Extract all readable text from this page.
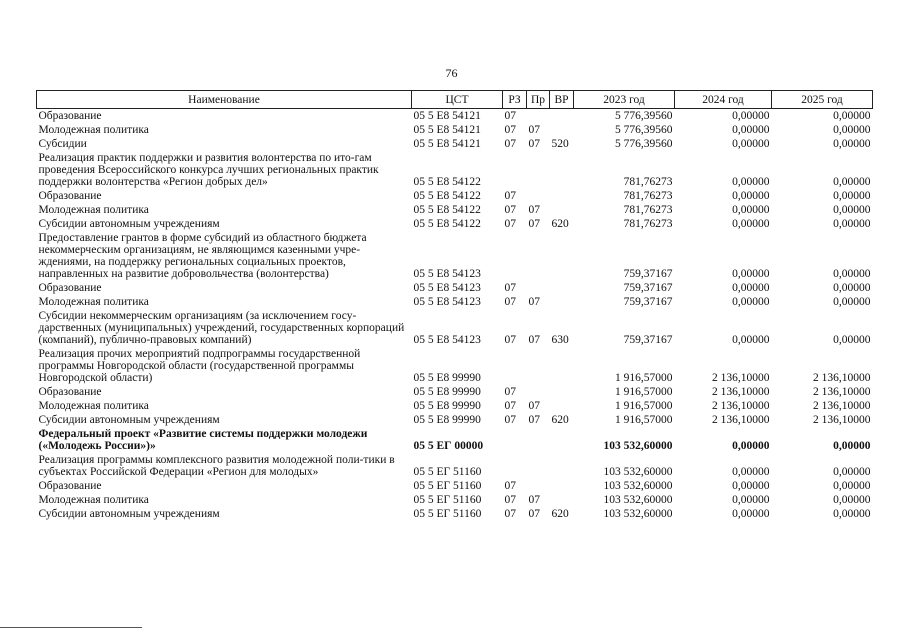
76
Наименование	ЦСТ	РЗ	Пр	ВР	2023 год	2024 год	2025 год
Образование	05 5 Е8 54121	07			5 776,39560	0,00000	0,00000
Молодежная политика	05 5 Е8 54121	07	07		5 776,39560	0,00000	0,00000
Субсидии	05 5 Е8 54121	07	07	520	5 776,39560	0,00000	0,00000
Реализация практик поддержки и развития волонтерства по ито-гам проведения Всероссийского конкурса лучших региональных практик поддержки волонтерства «Регион добрых дел»	05 5 Е8 54122				781,76273	0,00000	0,00000
Образование	05 5 Е8 54122	07			781,76273	0,00000	0,00000
Молодежная политика	05 5 Е8 54122	07	07		781,76273	0,00000	0,00000
Субсидии автономным учреждениям	05 5 Е8 54122	07	07	620	781,76273	0,00000	0,00000
Предоставление грантов в форме субсидий из областного бюджета некоммерческим организациям, не являющимся казенными учре-ждениями, на поддержку региональных социальных проектов, направленных на развитие добровольчества (волонтерства)	05 5 Е8 54123				759,37167	0,00000	0,00000
Образование	05 5 Е8 54123	07			759,37167	0,00000	0,00000
Молодежная политика	05 5 Е8 54123	07	07		759,37167	0,00000	0,00000
Субсидии некоммерческим организациям (за исключением госу-дарственных (муниципальных) учреждений, государственных корпораций (компаний), публично-правовых компаний)	05 5 Е8 54123	07	07	630	759,37167	0,00000	0,00000
Реализация прочих мероприятий подпрограммы государственной программы Новгородской области (государственной программы Новгородской области)	05 5 Е8 99990				1 916,57000	2 136,10000	2 136,10000
Образование	05 5 Е8 99990	07			1 916,57000	2 136,10000	2 136,10000
Молодежная политика	05 5 Е8 99990	07	07		1 916,57000	2 136,10000	2 136,10000
Субсидии автономным учреждениям	05 5 Е8 99990	07	07	620	1 916,57000	2 136,10000	2 136,10000
Федеральный проект «Развитие системы поддержки молодежи («Молодежь России»)»	05 5 ЕГ 00000				103 532,60000	0,00000	0,00000
Реализация программы комплексного развития молодежной поли-тики в субъектах Российской Федерации «Регион для молодых»	05 5 ЕГ 51160				103 532,60000	0,00000	0,00000
Образование	05 5 ЕГ 51160	07			103 532,60000	0,00000	0,00000
Молодежная политика	05 5 ЕГ 51160	07	07		103 532,60000	0,00000	0,00000
Субсидии автономным учреждениям	05 5 ЕГ 51160	07	07	620	103 532,60000	0,00000	0,00000
